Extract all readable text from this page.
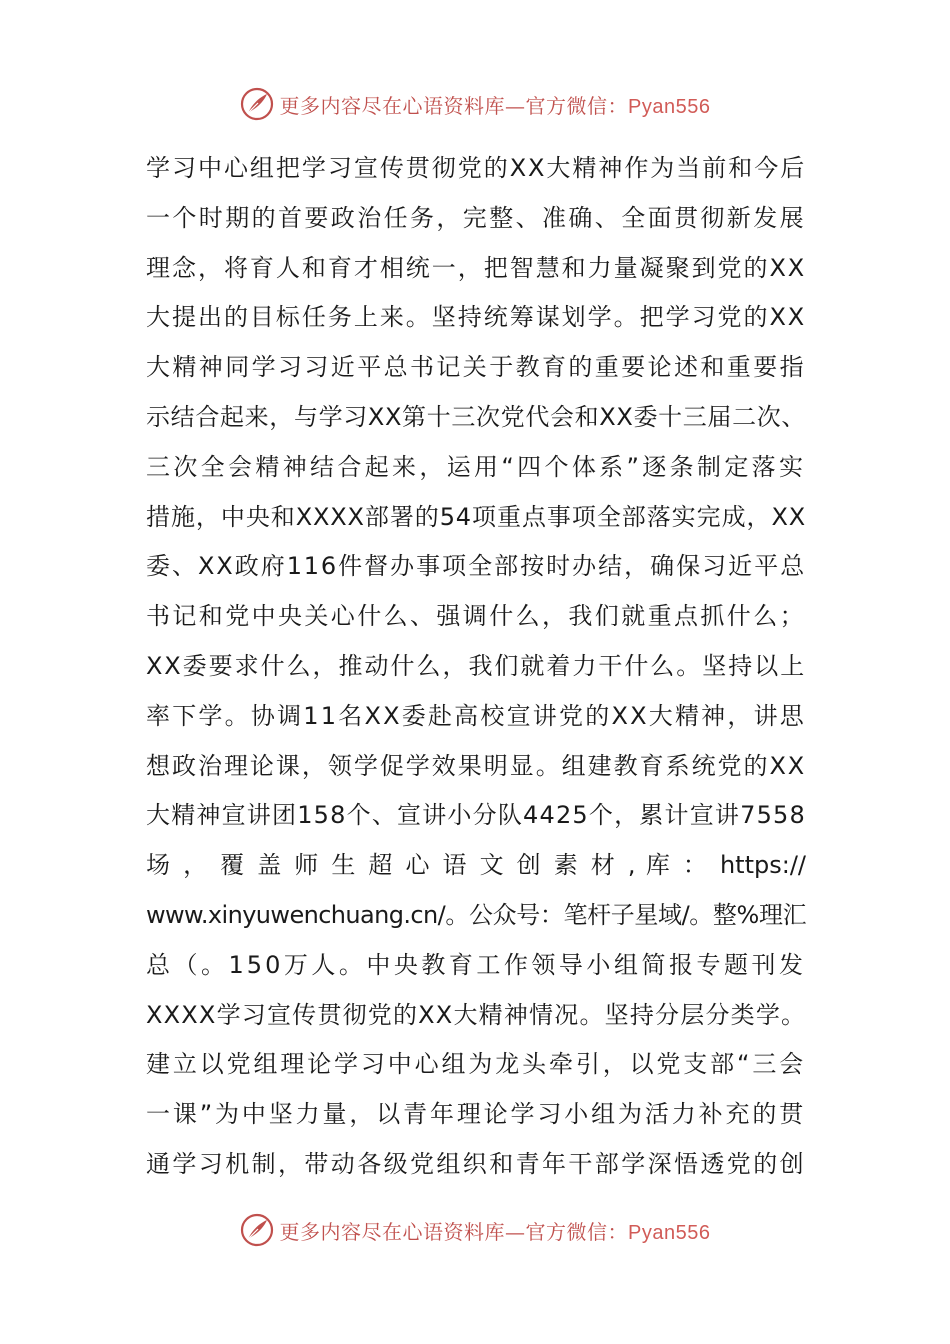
更多内容尽在心语资料库—官方微信：Pyan556
学习中心组把学习宣传贯彻党的XX大精神作为当前和今后
一个时期的首要政治任务，完整、准确、全面贯彻新发展
理念，将育人和育才相统一，把智慧和力量凝聚到党的XX
大提出的目标任务上来。坚持统筹谋划学。把学习党的XX
大精神同学习习近平总书记关于教育的重要论述和重要指
示结合起来，与学习XX第十三次党代会和XX委十三届二次、
三次全会精神结合起来，运用“四个体系”逐条制定落实
措施，中央和XXXX部署的54项重点事项全部落实完成，XX
委、XX政府116件督办事项全部按时办结，确保习近平总
书记和党中央关心什么、强调什么，我们就重点抓什么；
XX委要求什么，推动什么，我们就着力干什么。坚持以上
率下学。协调11名XX委赴高校宣讲党的XX大精神，讲思
想政治理论课，领学促学效果明显。组建教育系统党的XX
大精神宣讲团158个、宣讲小分队4425个，累计宣讲7558
场 ， 覆 盖 师 生 超 心 语 文 创 素 材 , 库 ： https://
www.xinyuwenchuang.cn/。公众号：笔杆子星域/。整%理汇
总（。150万人。中央教育工作领导小组简报专题刊发
XXXX学习宣传贯彻党的XX大精神情况。坚持分层分类学。
建立以党组理论学习中心组为龙头牵引，以党支部“三会
一课”为中坚力量，以青年理论学习小组为活力补充的贯
通学习机制，带动各级党组织和青年干部学深悟透党的创
更多内容尽在心语资料库—官方微信：Pyan556
